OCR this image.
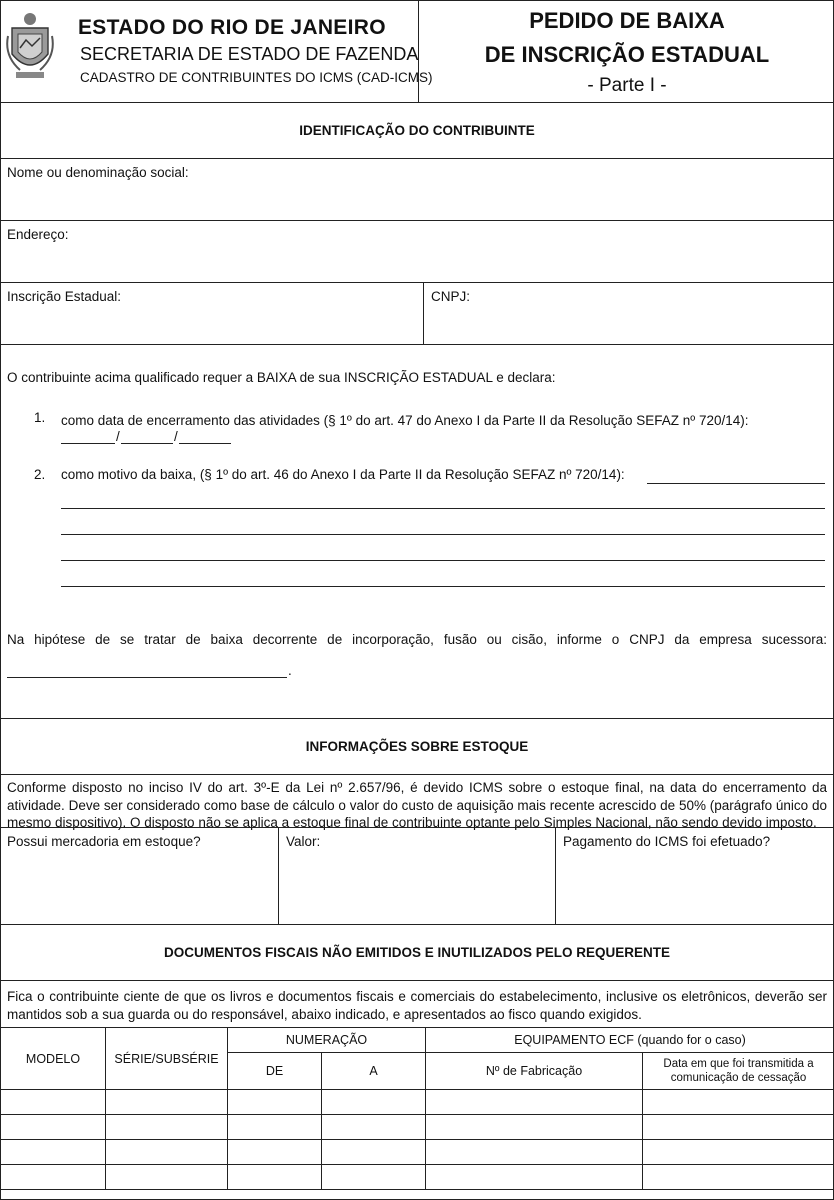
ESTADO DO RIO DE JANEIRO
SECRETARIA DE ESTADO DE FAZENDA
CADASTRO DE CONTRIBUINTES DO ICMS (CAD-ICMS)
PEDIDO DE BAIXA
DE INSCRIÇÃO ESTADUAL
- Parte I -
IDENTIFICAÇÃO DO CONTRIBUINTE
Nome ou denominação social:
Endereço:
Inscrição Estadual:	CNPJ:
O contribuinte acima qualificado requer a BAIXA de sua INSCRIÇÃO ESTADUAL e declara:
1. como data de encerramento das atividades (§ 1º do art. 47 do Anexo I da Parte II da Resolução SEFAZ nº 720/14):
/	/
2. como motivo da baixa, (§ 1º do art. 46 do Anexo I da Parte II da Resolução SEFAZ nº 720/14):
Na hipótese de se tratar de baixa decorrente de incorporação, fusão ou cisão, informe o CNPJ da empresa sucessora:
.
INFORMAÇÕES SOBRE ESTOQUE
Conforme disposto no inciso IV do art. 3º-E da Lei nº 2.657/96, é devido ICMS sobre o estoque final, na data do encerramento da atividade. Deve ser considerado como base de cálculo o valor do custo de aquisição mais recente acrescido de 50% (parágrafo único do mesmo dispositivo). O disposto não se aplica a estoque final de contribuinte optante pelo Simples Nacional, não sendo devido imposto.
Possui mercadoria em estoque?	Valor:	Pagamento do ICMS foi efetuado?
DOCUMENTOS FISCAIS NÃO EMITIDOS E INUTILIZADOS PELO REQUERENTE
Fica o contribuinte ciente de que os livros e documentos fiscais e comerciais do estabelecimento, inclusive os eletrônicos, deverão ser mantidos sob a sua guarda ou do responsável, abaixo indicado, e apresentados ao fisco quando exigidos.
MODELO	SÉRIE/SUBSÉRIE	NUMERAÇÃO		EQUIPAMENTO ECF (quando for o caso)	
		DE	A	Nº de Fabricação	Data em que foi transmitida a comunicação de cessação
